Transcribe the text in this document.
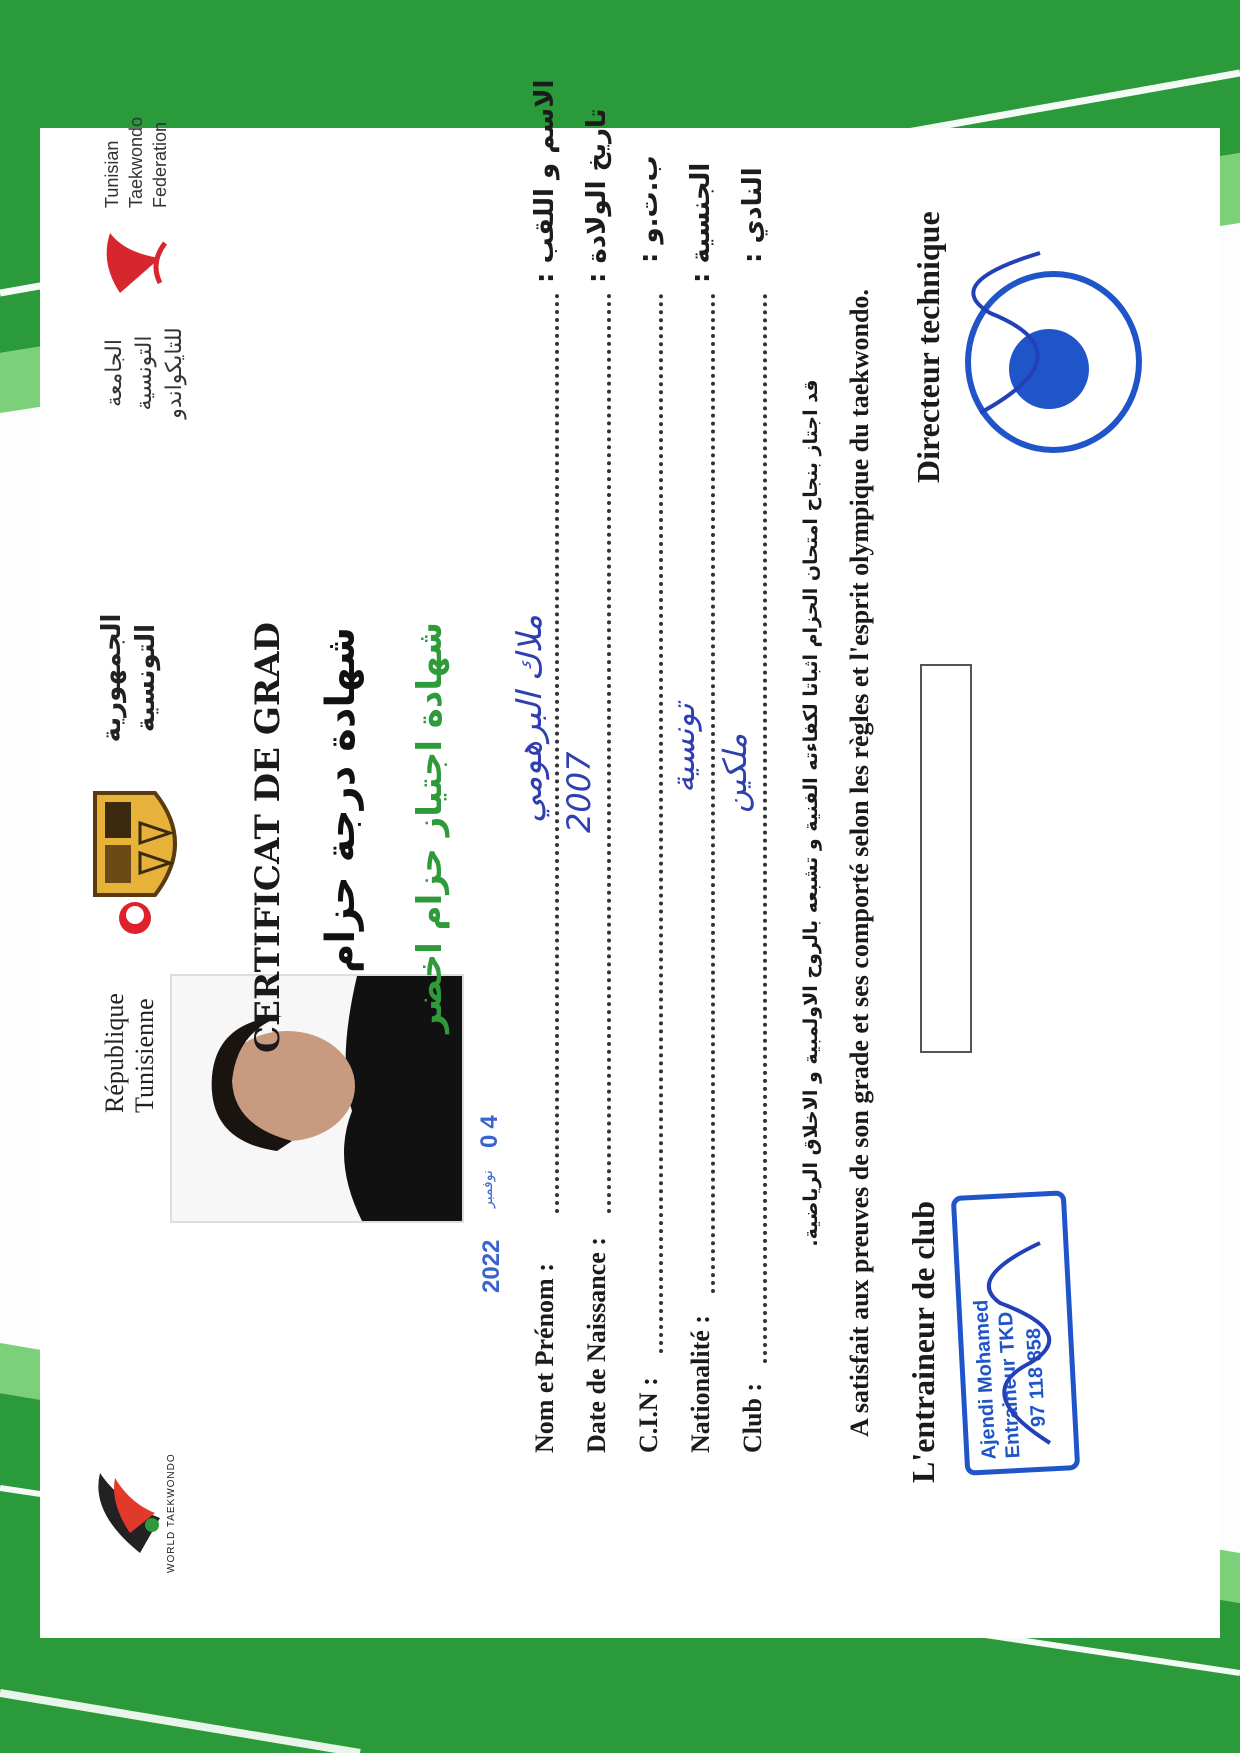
WORLD TAEKWONDO
République Tunisienne
الجمهورية التونسية
الجامعة التونسية للتايكواندو
Tunisian Taekwondo Federation
CERTIFICAT DE GRAD شهادة درجة حزام شهادة اجتياز حزام اخضر
2022
نوفمبر
04
Nom et Prénom :
ملاك البرهومي
الاسم و اللقب :
Date de Naissance :
2007
تاريخ الولادة :
C.I.N :
ب.ت.و :
Nationalité :
تونسية
الجنسية :
Club :
ملكين
النادي :
قد اجتاز بنجاح امتحان الحزام اثباتا لكفاءته الفنية و تشبعه بالروح الاولمبية و الاخلاق الرياضية. A satisfait aux preuves de son grade et ses comporté selon les règles et l'esprit olympique du taekwondo. L'entraineur de club
Directeur technique
Ajendi Mohamed Entraineur TKD
97 118 858
